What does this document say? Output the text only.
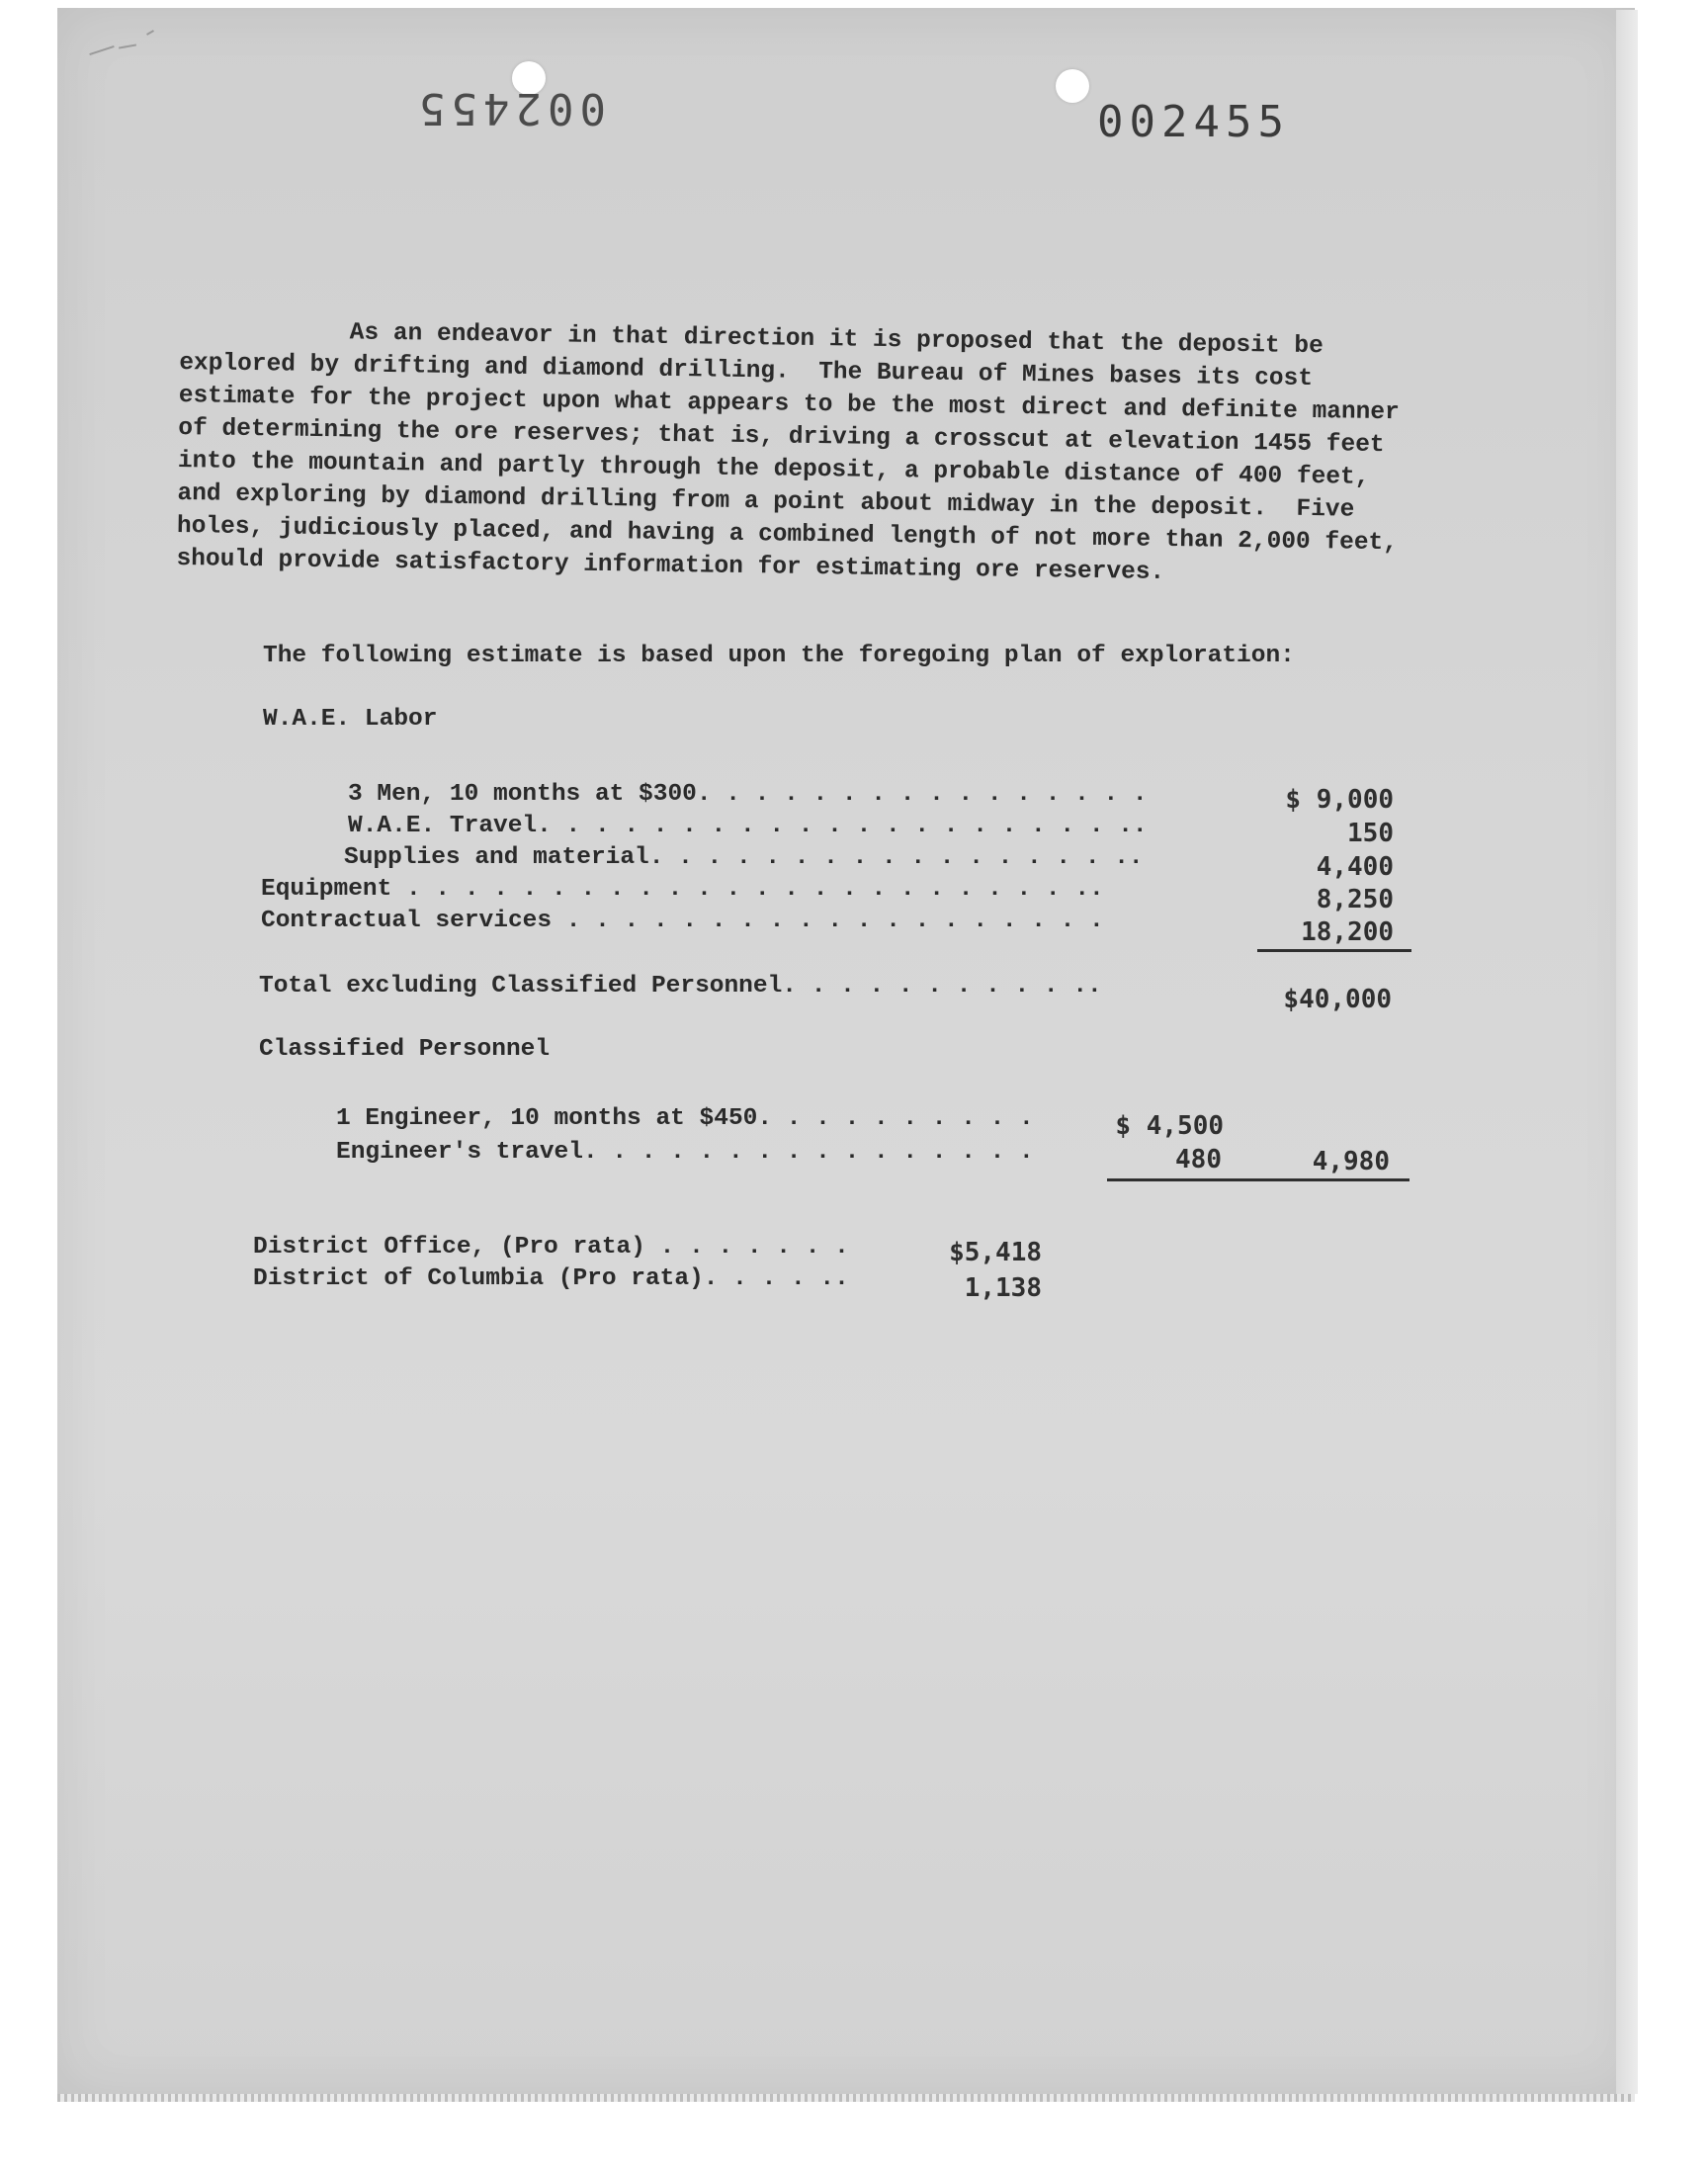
002455	002455
As an endeavor in that direction it is proposed that the deposit be
explored by drifting and diamond drilling.  The Bureau of Mines bases its cost
estimate for the project upon what appears to be the most direct and definite manner
of determining the ore reserves; that is, driving a crosscut at elevation 1455 feet
into the mountain and partly through the deposit, a probable distance of 400 feet,
and exploring by diamond drilling from a point about midway in the deposit.  Five
holes, judiciously placed, and having a combined length of not more than 2,000 feet,
should provide satisfactory information for estimating ore reserves.
The following estimate is based upon the foregoing plan of exploration:
W.A.E. Labor
3 Men, 10 months at $300. . . . . . . . . . . . . . . .	$ 9,000
W.A.E. Travel. . . . . . . . . . . . . . . . . . . . ..	150
Supplies and material. . . . . . . . . . . . . . . . ..	4,400
Equipment . . . . . . . . . . . . . . . . . . . . . . . ..	8,250
Contractual services . . . . . . . . . . . . . . . . . . .	18,200
Total excluding Classified Personnel. . . . . . . . . . ..	$40,000
Classified Personnel
1 Engineer, 10 months at $450. . . . . . . . . .	$ 4,500
Engineer's travel. . . . . . . . . . . . . . . .	480	4,980
District Office, (Pro rata) . . . . . . .	$5,418
District of Columbia (Pro rata). . . . ..	1,138
